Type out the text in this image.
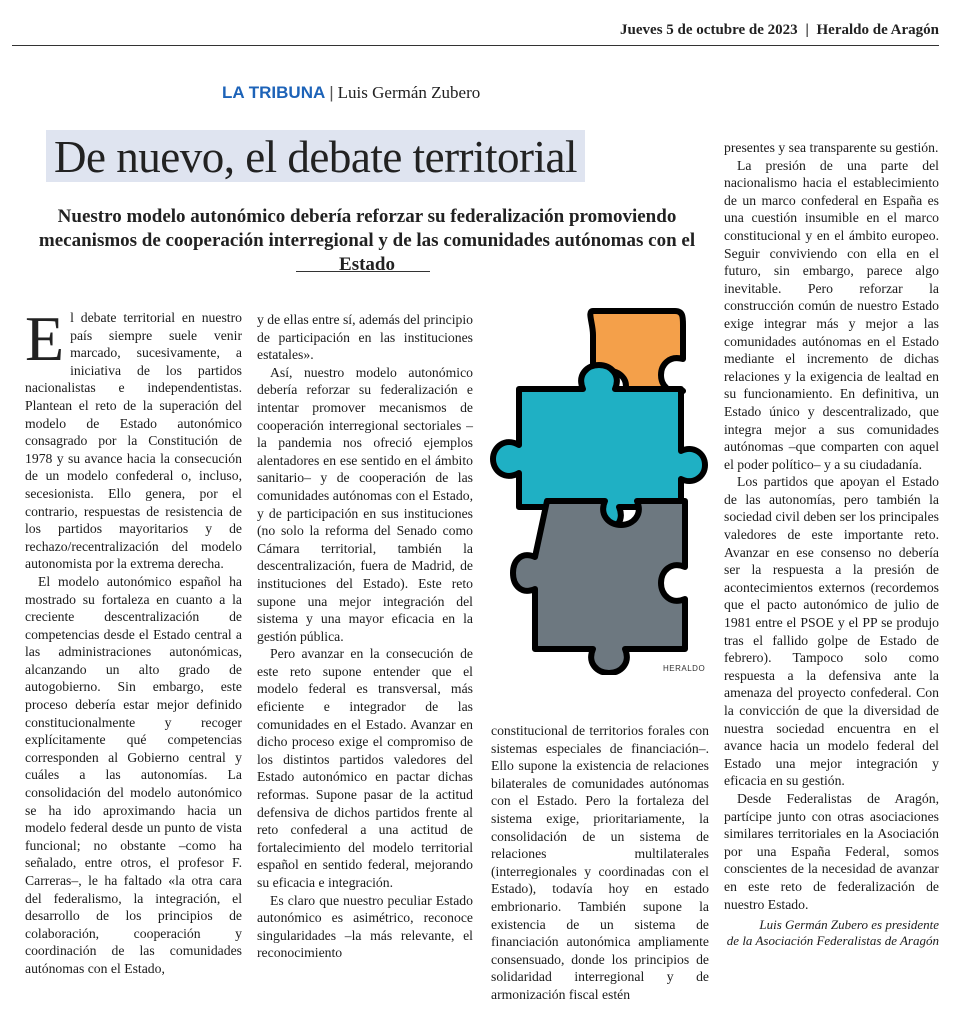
Jueves 5 de octubre de 2023 | Heraldo de Aragón
LA TRIBUNA | Luis Germán Zubero
De nuevo, el debate territorial
Nuestro modelo autonómico debería reforzar su federalización promoviendo mecanismos de cooperación interregional y de las comunidades autónomas con el Estado

El debate territorial en nuestro país siempre suele venir marcado, sucesivamente, a iniciativa de los partidos nacionalistas e independentistas. Plantean el reto de la superación del modelo de Estado autonómico consagrado por la Constitución de 1978 y su avance hacia la consecución de un modelo confederal o, incluso, secesionista. Ello genera, por el contrario, respuestas de resistencia de los partidos mayoritarios y de rechazo/recentralización del modelo autonomista por la extrema derecha.

El modelo autonómico español ha mostrado su fortaleza en cuanto a la creciente descentralización de competencias desde el Estado central a las administraciones autonómicas, alcanzando un alto grado de autogobierno. Sin embargo, este proceso debería estar mejor definido constitucionalmente y recoger explícitamente qué competencias corresponden al Gobierno central y cuáles a las autonomías. La consolidación del modelo autonómico se ha ido aproximando hacia un modelo federal desde un punto de vista funcional; no obstante –como ha señalado, entre otros, el profesor F. Carreras–, le ha faltado «la otra cara del federalismo, la integración, el desarrollo de los principios de colaboración, cooperación y coordinación de las comunidades autónomas con el Estado,

y de ellas entre sí, además del principio de participación en las instituciones estatales».

Así, nuestro modelo autonómico debería reforzar su federalización e intentar promover mecanismos de cooperación interregional sectoriales –la pandemia nos ofreció ejemplos alentadores en ese sentido en el ámbito sanitario– y de cooperación de las comunidades autónomas con el Estado, y de participación en sus instituciones (no solo la reforma del Senado como Cámara territorial, también la descentralización, fuera de Madrid, de instituciones del Estado). Este reto supone una mejor integración del sistema y una mayor eficacia en la gestión pública.

Pero avanzar en la consecución de este reto supone entender que el modelo federal es transversal, más eficiente e integrador de las comunidades en el Estado. Avanzar en dicho proceso exige el compromiso de los distintos partidos valedores del Estado autonómico en pactar dichas reformas. Supone pasar de la actitud defensiva de dichos partidos frente al reto confederal a una actitud de fortalecimiento del modelo territorial español en sentido federal, mejorando su eficacia e integración.

Es claro que nuestro peculiar Estado autonómico es asimétrico, reconoce singularidades –la más relevante, el reconocimiento

HERALDO

constitucional de territorios forales con sistemas especiales de financiación–. Ello supone la existencia de relaciones bilaterales de comunidades autónomas con el Estado. Pero la fortaleza del sistema exige, prioritariamente, la consolidación de un sistema de relaciones multilaterales (interregionales y coordinadas con el Estado), todavía hoy en estado embrionario. También supone la existencia de un sistema de financiación autonómica ampliamente consensuado, donde los principios de solidaridad interregional y de armonización fiscal estén

presentes y sea transparente su gestión.

La presión de una parte del nacionalismo hacia el establecimiento de un marco confederal en España es una cuestión insumible en el marco constitucional y en el ámbito europeo. Seguir conviviendo con ella en el futuro, sin embargo, parece algo inevitable. Pero reforzar la construcción común de nuestro Estado exige integrar más y mejor a las comunidades autónomas en el Estado mediante el incremento de dichas relaciones y la exigencia de lealtad en su funcionamiento. En definitiva, un Estado único y descentralizado, que integra mejor a sus comunidades autónomas –que comparten con aquel el poder político– y a su ciudadanía.

Los partidos que apoyan el Estado de las autonomías, pero también la sociedad civil deben ser los principales valedores de este importante reto. Avanzar en ese consenso no debería ser la respuesta a la presión de acontecimientos externos (recordemos que el pacto autonómico de julio de 1981 entre el PSOE y el PP se produjo tras el fallido golpe de Estado de febrero). Tampoco solo como respuesta a la defensiva ante la amenaza del proyecto confederal. Con la convicción de que la diversidad de nuestra sociedad encuentra en el avance hacia un modelo federal del Estado una mejor integración y eficacia en su gestión.

Desde Federalistas de Aragón, partícipe junto con otras asociaciones similares territoriales en la Asociación por una España Federal, somos conscientes de la necesidad de avanzar en este reto de federalización de nuestro Estado.

Luis Germán Zubero es presidente

de la Asociación Federalistas de Aragón
